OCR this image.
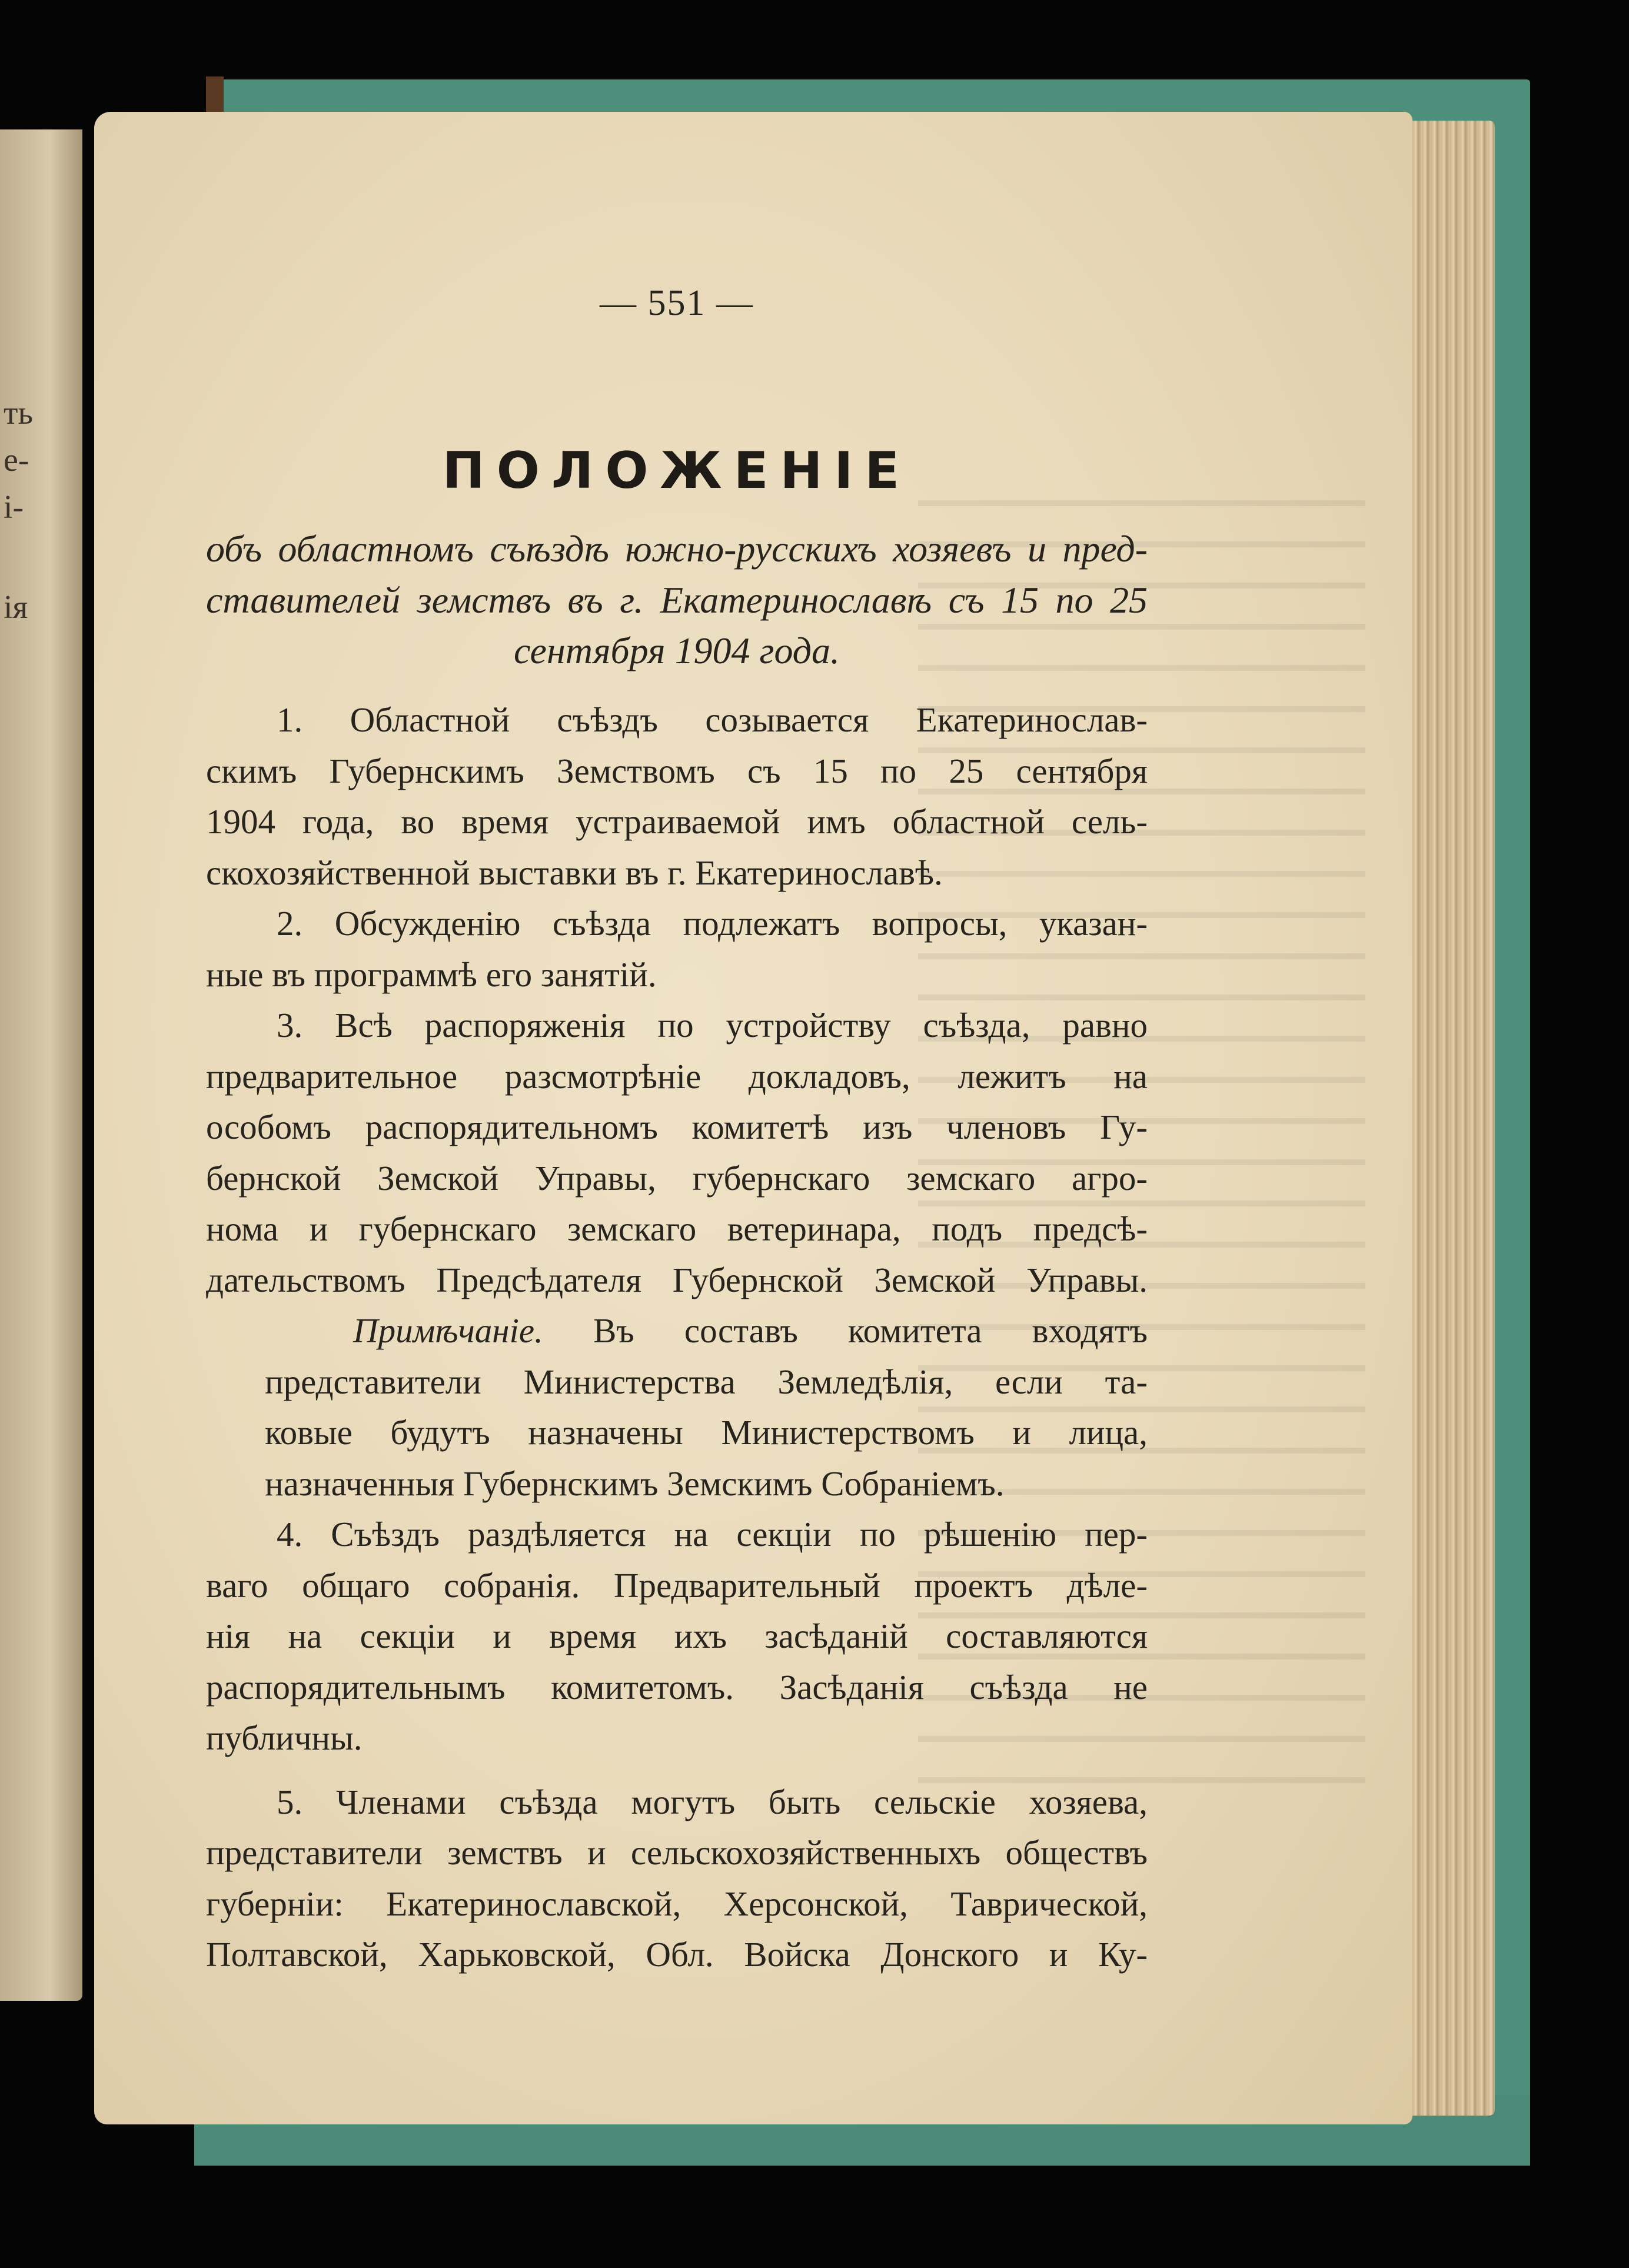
ть
е-
і-
ія
— 551 —
ПОЛОЖЕНІЕ
объ областномъ съѣздѣ южно-русскихъ хозяевъ и пред-
ставителей земствъ въ г. Екатеринославѣ съ 15 по 25
сентября 1904 года.
1. Областной съѣздъ созывается Екатеринослав-
скимъ Губернскимъ Земствомъ съ 15 по 25 сентября
1904 года, во время устраиваемой имъ областной сель-
скохозяйственной выставки въ г. Екатеринославѣ.
2. Обсужденію съѣзда подлежатъ вопросы, указан-
ные въ программѣ его занятій.
3. Всѣ распоряженія по устройству съѣзда, равно
предварительное разсмотрѣніе докладовъ, лежитъ на
особомъ распорядительномъ комитетѣ изъ членовъ Гу-
бернской Земской Управы, губернскаго земскаго агро-
нома и губернскаго земскаго ветеринара, подъ предсѣ-
дательствомъ Предсѣдателя Губернской Земской Управы.
Примѣчаніе. Въ составъ комитета входятъ
представители Министерства Земледѣлія, если та-
ковые будутъ назначены Министерствомъ и лица,
назначенныя Губернскимъ Земскимъ Собраніемъ.
4. Съѣздъ раздѣляется на секціи по рѣшенію пер-
ваго общаго собранія. Предварительный проектъ дѣле-
нія на секціи и время ихъ засѣданій составляются
распорядительнымъ комитетомъ. Засѣданія съѣзда не
публичны.
5. Членами съѣзда могутъ быть сельскіе хозяева,
представители земствъ и сельскохозяйственныхъ обществъ
губерніи: Екатеринославской, Херсонской, Таврической,
Полтавской, Харьковской, Обл. Войска Донского и Ку-
